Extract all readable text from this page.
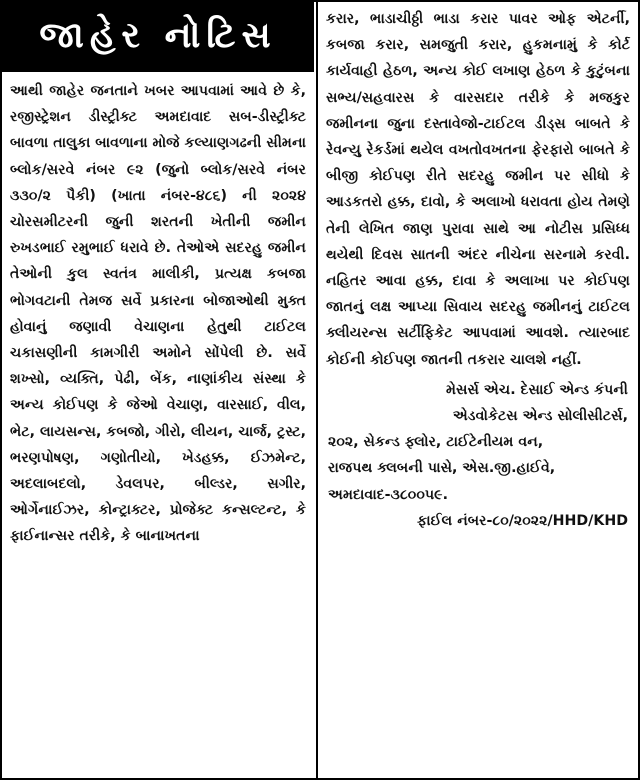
જાહેર નોટિસ
આથી જાહેર જનતાને ખબર આપવામાં આવે છે કે, રજીસ્ટ્રેશન ડીસ્ટ્રીક્ટ અમદાવાદ સબ-ડીસ્ટ્રીક્ટ બાવળા તાલુકા બાવળાના મોજે કલ્યાણગઢની સીમના બ્લોક/સરવે નંબર ૯૨ (જુનો બ્લોક/સરવે નંબર ૩૩૦/૨ પૈકી) (ખાતા નંબર-૪૮૬) ની ૨૦૨૪ ચોરસમીટરની જુની શરતની ખેતીની જમીન રુખડભાઈ રમુભાઈ ધરાવે છે. તેઓએ સદરહુ જમીન તેઓની કુલ સ્વતંત્ર માલીકી, પ્રત્યક્ષ કબજા ભોગવટાની તેમજ સર્વે પ્રકારના બોજાઓથી મુક્ત હોવાનું જણાવી વેચાણના હેતુથી ટાઈટલ ચકાસણીની કામગીરી અમોને સોંપેલી છે. સર્વે શખ્સો, વ્યક્તિ, પેઢી, બેંક, નાણાંકીય સંસ્થા કે અન્ય કોઈપણ કે જેઓ વેચાણ, વારસાઈ, વીલ, ભેટ, લાયસન્સ, કબજો, ગીરો, લીયન, ચાર્જ, ટ્રસ્ટ, ભરણપોષણ, ગણોતીયો, ખેડહક્ક, ઈઝમેન્ટ, અદલાબદલો, ડેવલપર, બીલ્ડર, સગીર, ઓર્ગેનાઈઝર, કોન્ટ્રાક્ટર, પ્રોજેક્ટ કન્સલ્ટન્ટ, કે ફાઈનાન્સર તરીકે, કે બાનાખતના
કરાર, ભાડાચીઠ્ઠી ભાડા કરાર પાવર ઓફ એટર્ની, કબજા કરાર, સમજુતી કરાર, હુકમનામું કે કોર્ટ કાર્યવાહી હેઠળ, અન્ય કોઈ લખાણ હેઠળ કે કુટુંબના સભ્ય/સહવારસ કે વારસદાર તરીકે કે મજકુર જમીનના જુના દસ્તાવેજો-ટાઈટલ ડીડ્સ બાબતે કે રેવન્યુ રેકર્ડમાં થયેલ વખતોવખતના ફેરફારો બાબતે કે બીજી કોઈપણ રીતે સદરહુ જમીન પર સીધો કે આડકતરો હક્ક, દાવો, કે અલાખો ધરાવતા હોય તેમણે તેની લેખિત જાણ પુરાવા સાથે આ નોટીસ પ્રસિધ્ધ થયેથી દિવસ સાતની અંદર નીચેના સરનામે કરવી. નહિતર આવા હક્ક, દાવા કે અલાખા પર કોઈપણ જાતનું લક્ષ આપ્યા સિવાય સદરહુ જમીનનું ટાઈટલ ક્લીયરન્સ સર્ટીફિકેટ આપવામાં આવશે. ત્યારબાદ કોઈની કોઈપણ જાતની તકરાર ચાલશે નહીં.
મેસર્સ એચ. દેસાઈ એન્ડ કંપની
એડવોકેટસ એન્ડ સોલીસીટર્સ,
૨૦૨, સેકન્ડ ફ્લોર, ટાઈટેનીયમ વન,
રાજપથ ક્લબની પાસે, એસ.જી.હાઈવે,
અમદાવાદ-૩૮૦૦૫૯.
ફાઈલ નંબર-૮૦/૨૦૨૨/HHD/KHD
